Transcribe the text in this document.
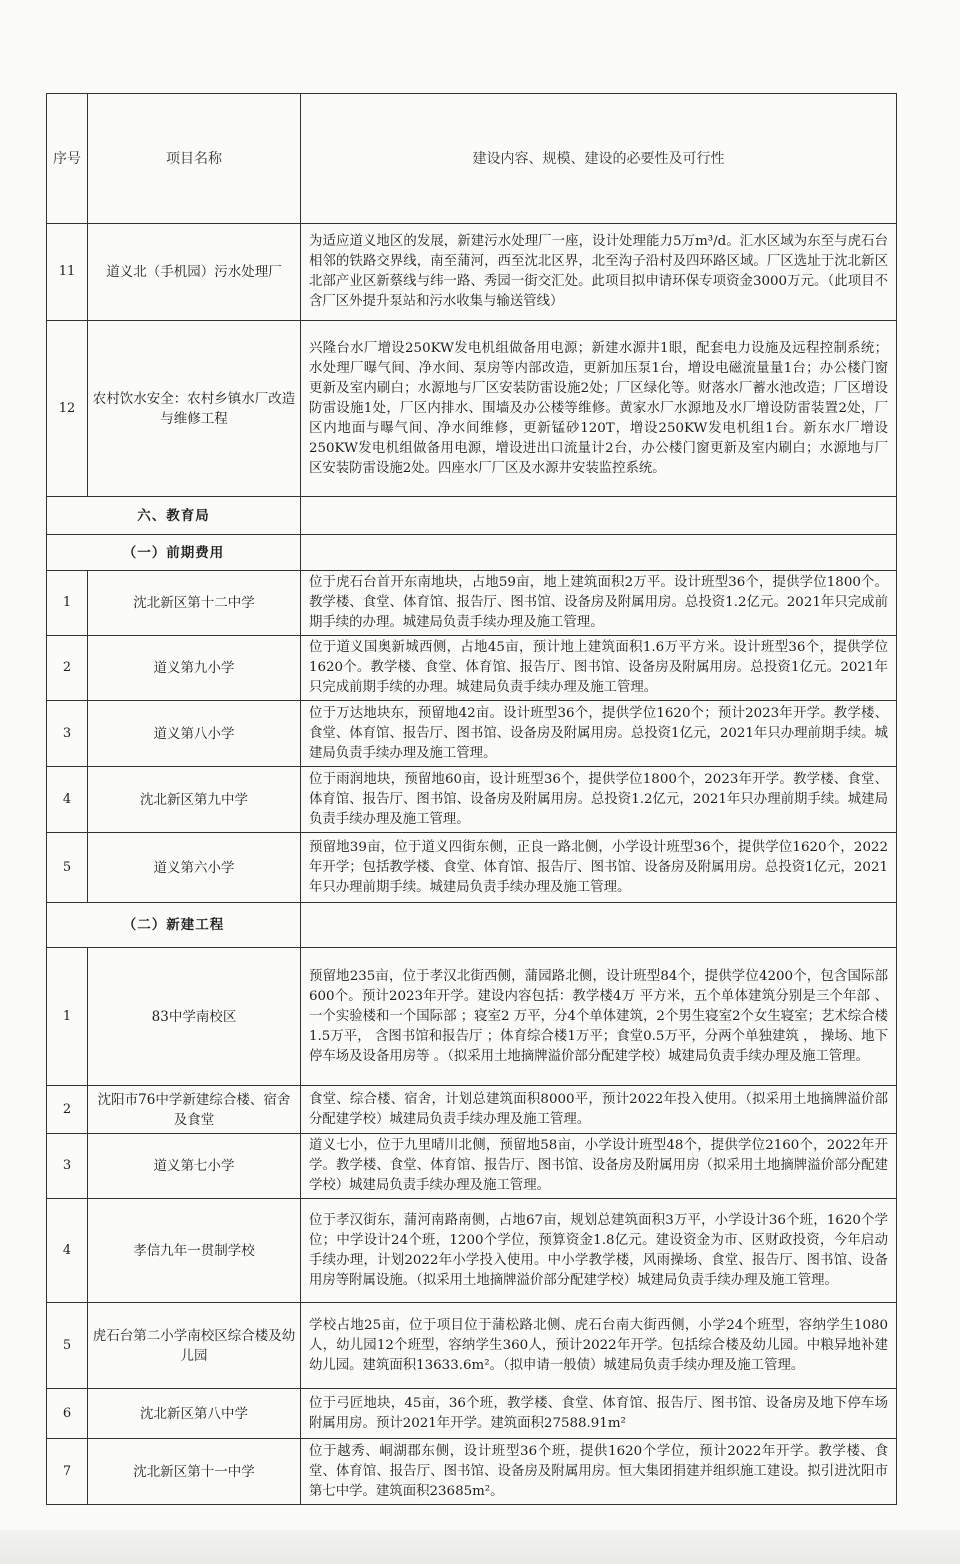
序号	项目名称	建设内容、规模、建设的必要性及可行性
11	道义北（手机园）污水处理厂	为适应道义地区的发展，新建污水处理厂一座，设计处理能力5万m³/d。汇水区域为东至与虎石台相邻的铁路交界线，南至蒲河，西至沈北区界，北至沟子沿村及四环路区域。厂区选址于沈北新区北部产业区新蔡线与纬一路、秀园一街交汇处。此项目拟申请环保专项资金3000万元。（此项目不含厂区外提升泵站和污水收集与输送管线）
12	农村饮水安全：农村乡镇水厂改造与维修工程	兴隆台水厂增设250KW发电机组做备用电源；新建水源井1眼，配套电力设施及远程控制系统；水处理厂曝气间、净水间、泵房等内部改造，更新加压泵1台，增设电磁流量量1台；办公楼门窗更新及室内刷白；水源地与厂区安装防雷设施2处；厂区绿化等。财落水厂蓄水池改造；厂区增设防雷设施1处，厂区内排水、围墙及办公楼等维修。黄家水厂水源地及水厂增设防雷装置2处，厂区内地面与曝气间、净水间维修，更新锰砂120T，增设250KW发电机组1台。新东水厂增设250KW发电机组做备用电源，增设进出口流量计2台，办公楼门窗更新及室内刷白；水源地与厂区安装防雷设施2处。四座水厂厂区及水源井安装监控系统。
六、教育局		
（一）前期费用		
1	沈北新区第十二中学	位于虎石台首开东南地块，占地59亩，地上建筑面积2万平。设计班型36个，提供学位1800个。教学楼、食堂、体育馆、报告厅、图书馆、设备房及附属用房。总投资1.2亿元。2021年只完成前期手续的办理。城建局负责手续办理及施工管理。
2	道义第九小学	位于道义国奥新城西侧，占地45亩，预计地上建筑面积1.6万平方米。设计班型36个，提供学位1620个。教学楼、食堂、体育馆、报告厅、图书馆、设备房及附属用房。总投资1亿元。2021年只完成前期手续的办理。城建局负责手续办理及施工管理。
3	道义第八小学	位于万达地块东，预留地42亩。设计班型36个，提供学位1620个；预计2023年开学。教学楼、食堂、体育馆、报告厅、图书馆、设备房及附属用房。总投资1亿元，2021年只办理前期手续。城建局负责手续办理及施工管理。
4	沈北新区第九中学	位于雨润地块，预留地60亩，设计班型36个，提供学位1800个，2023年开学。教学楼、食堂、体育馆、报告厅、图书馆、设备房及附属用房。总投资1.2亿元，2021年只办理前期手续。城建局负责手续办理及施工管理。
5	道义第六小学	预留地39亩，位于道义四街东侧，正良一路北侧，小学设计班型36个，提供学位1620个，2022年开学；包括教学楼、食堂、体育馆、报告厅、图书馆、设备房及附属用房。总投资1亿元，2021年只办理前期手续。城建局负责手续办理及施工管理。
（二）新建工程		
1	83中学南校区	预留地235亩，位于孝汉北街西侧，蒲园路北侧，设计班型84个，提供学位4200个，包含国际部600个。预计2023年开学。建设内容包括：教学楼4万 平方米，五个单体建筑分别是三个年部 、一个实验楼和一个国际部 ；寝室2 万平，分4个单体建筑，2个男生寝室2个女生寝室；艺术综合楼1.5万平， 含图书馆和报告厅 ；体育综合楼1万平；食堂0.5万平，分两个单独建筑 ， 操场、地下停车场及设备用房等 。（拟采用土地摘牌溢价部分配建学校）城建局负责手续办理及施工管理。
2	沈阳市76中学新建综合楼、宿舍及食堂	食堂、综合楼、宿舍，计划总建筑面积8000平，预计2022年投入使用。（拟采用土地摘牌溢价部分配建学校）城建局负责手续办理及施工管理。
3	道义第七小学	道义七小，位于九里晴川北侧，预留地58亩，小学设计班型48个，提供学位2160个，2022年开学。教学楼、食堂、体育馆、报告厅、图书馆、设备房及附属用房（拟采用土地摘牌溢价部分配建学校）城建局负责手续办理及施工管理。
4	孝信九年一贯制学校	位于孝汉街东，蒲河南路南侧，占地67亩，规划总建筑面积3万平，小学设计36个班，1620个学位；中学设计24个班，1200个学位，预算资金1.8亿元。建设资金为市、区财政投资，今年启动手续办理，计划2022年小学投入使用。中小学教学楼，风雨操场、食堂、报告厅、图书馆、设备用房等附属设施。（拟采用土地摘牌溢价部分配建学校）城建局负责手续办理及施工管理。
5	虎石台第二小学南校区综合楼及幼儿园	学校占地25亩，位于项目位于蒲松路北侧、虎石台南大街西侧，小学24个班型，容纳学生1080人，幼儿园12个班型，容纳学生360人，预计2022年开学。包括综合楼及幼儿园。中粮异地补建幼儿园。建筑面积13633.6m²。（拟申请一般债）城建局负责手续办理及施工管理。
6	沈北新区第八中学	位于弓匠地块，45亩，36个班，教学楼、食堂、体育馆、报告厅、图书馆、设备房及地下停车场附属用房。预计2021年开学。建筑面积27588.91m²
7	沈北新区第十一中学	位于越秀、峒湖郡东侧，设计班型36个班，提供1620个学位，预计2022年开学。教学楼、食堂、体育馆、报告厅、图书馆、设备房及附属用房。恒大集团捐建并组织施工建设。拟引进沈阳市第七中学。建筑面积23685m²。
